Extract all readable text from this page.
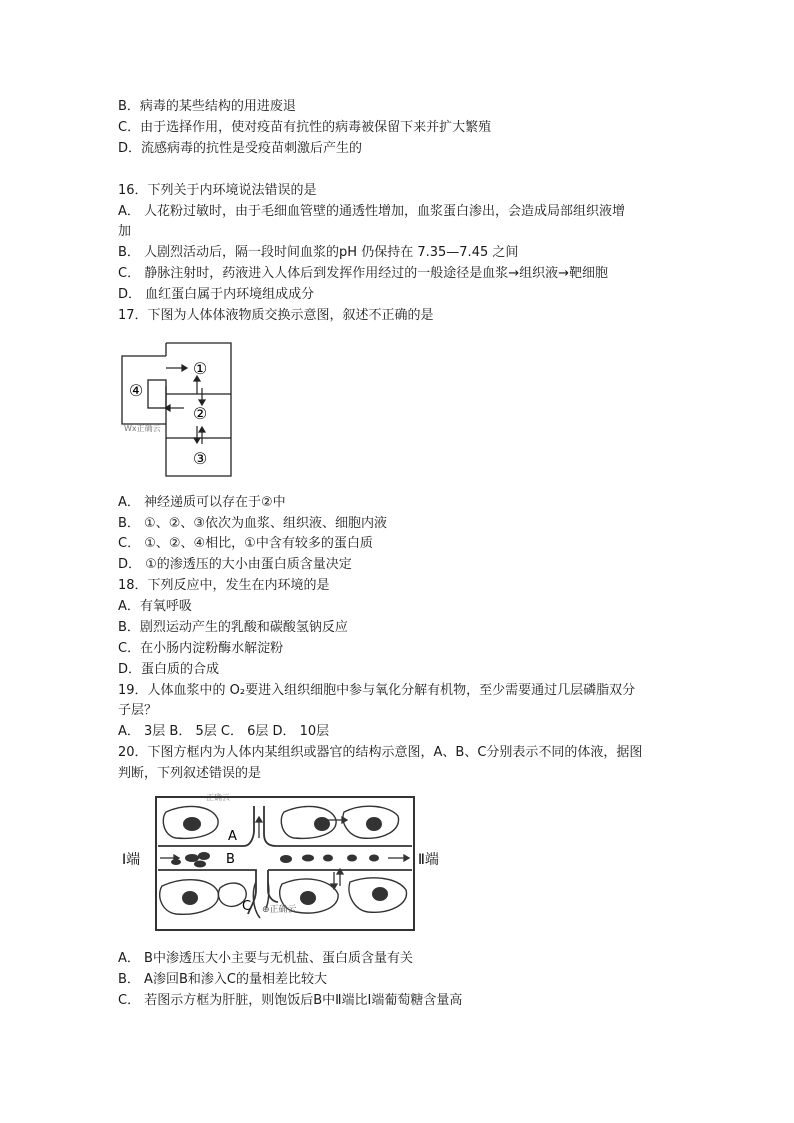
B．病毒的某些结构的用进废退
C．由于选择作用，使对疫苗有抗性的病毒被保留下来并扩大繁殖
D．流感病毒的抗性是受疫苗刺激后产生的
16．下列关于内环境说法错误的是
A． 人花粉过敏时，由于毛细血管壁的通透性增加，血浆蛋白渗出，会造成局部组织液增
加
B． 人剧烈活动后，隔一段时间血浆的pH 仍保持在 7.35—7.45 之间
C． 静脉注射时，药液进入人体后到发挥作用经过的一般途径是血浆→组织液→靶细胞
D． 血红蛋白属于内环境组成成分
17．下图为人体体液物质交换示意图，叙述不正确的是
①
②
③
④
Wx正确云
A． 神经递质可以存在于②中
B． ①、②、③依次为血浆、组织液、细胞内液
C． ①、②、④相比，①中含有较多的蛋白质
D． ①的渗透压的大小由蛋白质含量决定
18．下列反应中，发生在内环境的是
A．有氧呼吸
B．剧烈运动产生的乳酸和碳酸氢钠反应
C．在小肠内淀粉酶水解淀粉
D．蛋白质的合成
19．人体血浆中的 O₂要进入组织细胞中参与氧化分解有机物，至少需要通过几层磷脂双分
子层？
A． 3层 B． 5层 C． 6层 D． 10层
20．下图方框内为人体内某组织或器官的结构示意图，A、B、C分别表示不同的体液，据图
判断，下列叙述错误的是
正确云
A
B
C
Ⅰ端	Ⅱ端
⊕正确云
A． B中渗透压大小主要与无机盐、蛋白质含量有关
B． A渗回B和渗入C的量相差比较大
C． 若图示方框为肝脏，则饱饭后B中Ⅱ端比Ⅰ端葡萄糖含量高
